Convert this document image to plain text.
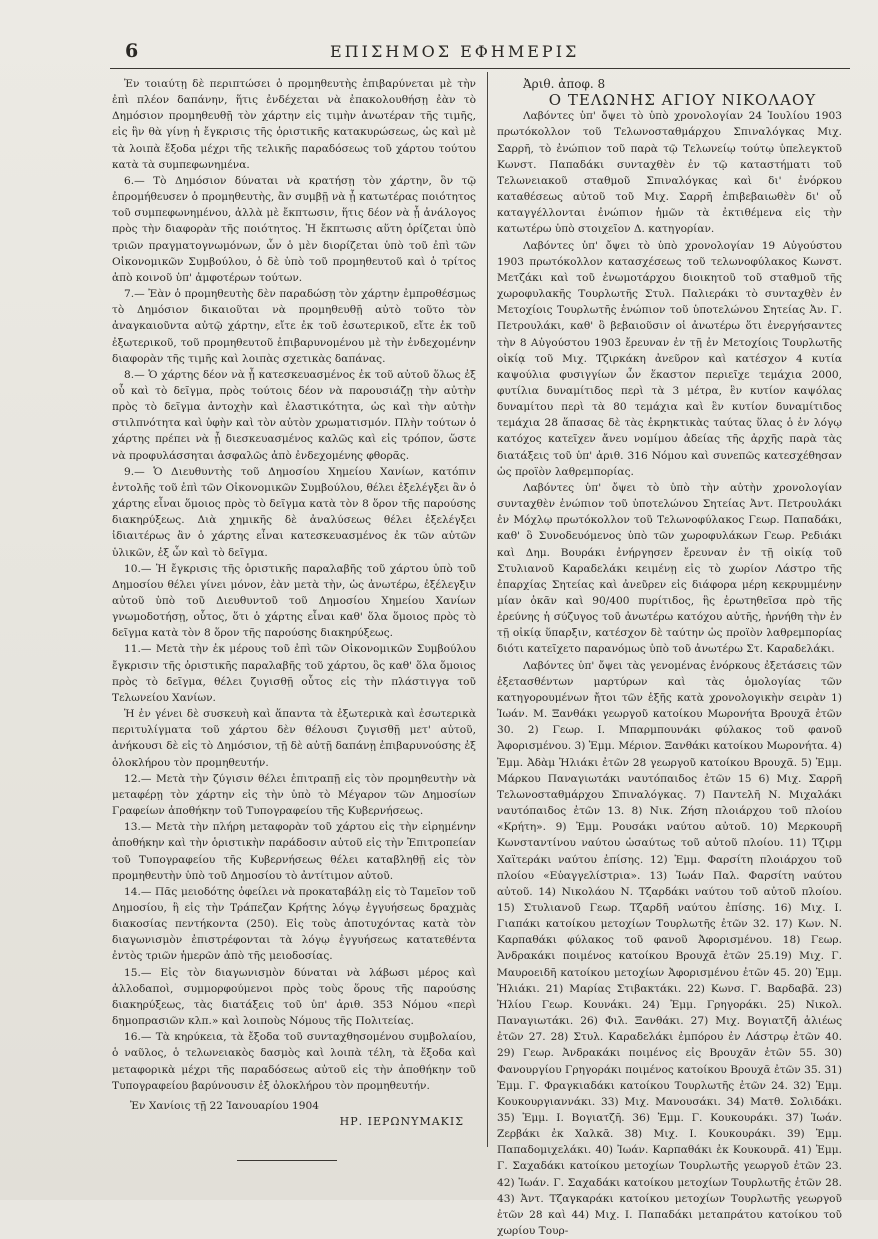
6	ΕΠΙΣΗΜΟΣ ΕΦΗΜΕΡΙΣ

Ἐν τοιαύτῃ δὲ περιπτώσει ὁ προμηθευτὴς ἐπιβαρύνεται μὲ τὴν ἐπὶ πλέον δαπάνην, ἥτις ἐνδέχεται νὰ ἐπακολουθήσῃ ἐὰν τὸ Δημόσιον προμηθευθῇ τὸν χάρτην εἰς τιμὴν ἀνωτέραν τῆς τιμῆς, εἰς ἣν θὰ γίνῃ ἡ ἔγκρισις τῆς ὁριστικῆς κατακυρώσεως, ὡς καὶ μὲ τὰ λοιπὰ ἔξοδα μέχρι τῆς τελικῆς παραδόσεως τοῦ χάρτου τούτου κατὰ τὰ συμπεφωνημένα.

6.— Τὸ Δημόσιον δύναται νὰ κρατήσῃ τὸν χάρτην, ὃν τῷ ἐπρομήθευσεν ὁ προμηθευτὴς, ἂν συμβῇ νὰ ᾖ κατωτέρας ποιότητος τοῦ συμπεφωνημένου, ἀλλὰ μὲ ἔκπτωσιν, ἥτις δέον νὰ ᾖ ἀνάλογος πρὸς τὴν διαφορὰν τῆς ποιότητος. Ἡ ἔκπτωσις αὕτη ὁρίζεται ὑπὸ τριῶν πραγματογνωμόνων, ὧν ὁ μὲν διορίζεται ὑπὸ τοῦ ἐπὶ τῶν Οἰκονομικῶν Συμβούλου, ὁ δὲ ὑπὸ τοῦ προμηθευτοῦ καὶ ὁ τρίτος ἀπὸ κοινοῦ ὑπ' ἀμφοτέρων τούτων.

7.— Ἐὰν ὁ προμηθευτὴς δὲν παραδώσῃ τὸν χάρτην ἐμπροθέσμως τὸ Δημόσιον δικαιοῦται νὰ προμηθευθῇ αὐτὸ τοῦτο τὸν ἀναγκαιοῦντα αὐτῷ χάρτην, εἴτε ἐκ τοῦ ἐσωτερικοῦ, εἴτε ἐκ τοῦ ἐξωτερικοῦ, τοῦ προμηθευτοῦ ἐπιβαρυνομένου μὲ τὴν ἐνδεχομένην διαφορὰν τῆς τιμῆς καὶ λοιπὰς σχετικὰς δαπάνας.

8.— Ὁ χάρτης δέον νὰ ᾖ κατεσκευασμένος ἐκ τοῦ αὐτοῦ ὅλως ἐξ οὗ καὶ τὸ δεῖγμα, πρὸς τούτοις δέον νὰ παρουσιάζῃ τὴν αὐτὴν πρὸς τὸ δεῖγμα ἀντοχὴν καὶ ἐλαστικότητα, ὡς καὶ τὴν αὐτὴν στιλπνότητα καὶ ὑφὴν καὶ τὸν αὐτὸν χρωματισμόν. Πλὴν τούτων ὁ χάρτης πρέπει νὰ ᾖ διεσκευασμένος καλῶς καὶ εἰς τρόπον, ὥστε νὰ προφυλάσσηται ἀσφαλῶς ἀπὸ ἐνδεχομένης φθορᾶς.

9.— Ὁ Διευθυντὴς τοῦ Δημοσίου Χημείου Χανίων, κατόπιν ἐντολῆς τοῦ ἐπὶ τῶν Οἰκονομικῶν Συμβούλου, θέλει ἐξελέγξει ἂν ὁ χάρτης εἶναι ὅμοιος πρὸς τὸ δεῖγμα κατὰ τὸν 8 ὅρον τῆς παρούσης διακηρύξεως. Διὰ χημικῆς δὲ ἀναλύσεως θέλει ἐξελέγξει ἰδιαιτέρως ἂν ὁ χάρτης εἶναι κατεσκευασμένος ἐκ τῶν αὐτῶν ὑλικῶν, ἐξ ὧν καὶ τὸ δεῖγμα.

10.— Ἡ ἔγκρισις τῆς ὁριστικῆς παραλαβῆς τοῦ χάρτου ὑπὸ τοῦ Δημοσίου θέλει γίνει μόνον, ἐὰν μετὰ τὴν, ὡς ἀνωτέρω, ἐξέλεγξιν αὐτοῦ ὑπὸ τοῦ Διευθυντοῦ τοῦ Δημοσίου Χημείου Χανίων γνωμοδοτήσῃ, οὗτος, ὅτι ὁ χάρτης εἶναι καθ' ὅλα ὅμοιος πρὸς τὸ δεῖγμα κατὰ τὸν 8 ὅρον τῆς παρούσης διακηρύξεως.

11.— Μετὰ τὴν ἐκ μέρους τοῦ ἐπὶ τῶν Οἰκονομικῶν Συμβούλου ἔγκρισιν τῆς ὁριστικῆς παραλαβῆς τοῦ χάρτου, ὃς καθ' ὅλα ὅμοιος πρὸς τὸ δεῖγμα, θέλει ζυγισθῇ οὗτος εἰς τὴν πλάστιγγα τοῦ Τελωνείου Χανίων.

Ἡ ἐν γένει δὲ συσκευὴ καὶ ἅπαντα τὰ ἐξωτερικὰ καὶ ἐσωτερικὰ περιτυλίγματα τοῦ χάρτου δὲν θέλουσι ζυγισθῇ μετ' αὐτοῦ, ἀνήκουσι δὲ εἰς τὸ Δημόσιον, τῇ δὲ αὐτῇ δαπάνῃ ἐπιβαρυνούσης ἐξ ὁλοκλήρου τὸν προμηθευτήν.

12.— Μετὰ τὴν ζύγισιν θέλει ἐπιτραπῇ εἰς τὸν προμηθευτὴν νὰ μεταφέρῃ τὸν χάρτην εἰς τὴν ὑπὸ τὸ Μέγαρον τῶν Δημοσίων Γραφείων ἀποθήκην τοῦ Τυπογραφείου τῆς Κυβερνήσεως.

13.— Μετὰ τὴν πλήρη μεταφορὰν τοῦ χάρτου εἰς τὴν εἰρημένην ἀποθήκην καὶ τὴν ὁριστικὴν παράδοσιν αὐτοῦ εἰς τὴν Ἐπιτροπείαν τοῦ Τυπογραφείου τῆς Κυβερνήσεως θέλει καταβληθῇ εἰς τὸν προμηθευτὴν ὑπὸ τοῦ Δημοσίου τὸ ἀντίτιμον αὐτοῦ.

14.— Πᾶς μειοδότης ὀφείλει νὰ προκαταβάλῃ εἰς τὸ Ταμεῖον τοῦ Δημοσίου, ἢ εἰς τὴν Τράπεζαν Κρήτης λόγῳ ἐγγυήσεως δραχμὰς διακοσίας πεντήκοντα (250). Εἰς τοὺς ἀποτυχόντας κατὰ τὸν διαγωνισμὸν ἐπιστρέφονται τὰ λόγῳ ἐγγυήσεως κατατεθέντα ἐντὸς τριῶν ἡμερῶν ἀπὸ τῆς μειοδοσίας.

15.— Εἰς τὸν διαγωνισμὸν δύναται νὰ λάβωσι μέρος καὶ ἀλλοδαποὶ, συμμορφούμενοι πρὸς τοὺς ὅρους τῆς παρούσης διακηρύξεως, τὰς διατάξεις τοῦ ὑπ' ἀριθ. 353 Νόμου «περὶ δημοπρασιῶν κλπ.» καὶ λοιποὺς Νόμους τῆς Πολιτείας.

16.— Τὰ κηρύκεια, τὰ ἔξοδα τοῦ συνταχθησομένου συμβολαίου, ὁ ναῦλος, ὁ τελωνειακὸς δασμὸς καὶ λοιπὰ τέλη, τὰ ἔξοδα καὶ μεταφορικὰ μέχρι τῆς παραδόσεως αὐτοῦ εἰς τὴν ἀποθήκην τοῦ Τυπογραφείου βαρύνουσιν ἐξ ὁλοκλήρου τὸν προμηθευτήν.

Ἐν Χανίοις τῇ 22 Ἰανουαρίου 1904

ΗΡ. ΙΕΡΩΝΥΜΑΚΙΣ

Ἀριθ. ἀποφ. 8

Ο ΤΕΛΩΝΗΣ ΑΓΙΟΥ ΝΙΚΟΛΑΟΥ

Λαβόντες ὑπ' ὄψει τὸ ὑπὸ χρονολογίαν 24 Ἰουλίου 1903 πρωτόκολλον τοῦ Τελωνοσταθμάρχου Σπιναλόγκας Μιχ. Σαρρῆ, τὸ ἐνώπιον τοῦ παρὰ τῷ Τελωνείῳ τούτῳ ὑπελεγκτοῦ Κωνστ. Παπαδάκι συνταχθὲν ἐν τῷ καταστήματι τοῦ Τελωνειακοῦ σταθμοῦ Σπιναλόγκας καὶ δι' ἐνόρκου καταθέσεως αὐτοῦ τοῦ Μιχ. Σαρρῆ ἐπιβεβαιωθὲν δι' οὗ καταγγέλλονται ἐνώπιον ἡμῶν τὰ ἐκτιθέμενα εἰς τὴν κατωτέρω ὑπὸ στοιχεῖον Δ. κατηγορίαν.

Λαβόντες ὑπ' ὄψει τὸ ὑπὸ χρονολογίαν 19 Αὐγούστου 1903 πρωτόκολλον κατασχέσεως τοῦ τελωνοφύλακος Κωνστ. Μετζάκι καὶ τοῦ ἐνωμοτάρχου διοικητοῦ τοῦ σταθμοῦ τῆς χωροφυλακῆς Τουρλωτῆς Στυλ. Παλιεράκι τὸ συνταχθὲν ἐν Μετοχίοις Τουρλωτῆς ἐνώπιον τοῦ ὑποτελώνου Σητείας Ἀν. Γ. Πετρουλάκι, καθ' ὃ βεβαιοῦσιν οἱ ἀνωτέρω ὅτι ἐνεργήσαντες τὴν 8 Αὐγούστου 1903 ἔρευναν ἐν τῇ ἐν Μετοχίοις Τουρλωτῆς οἰκίᾳ τοῦ Μιχ. Τζιρκάκη ἀνεῦρον καὶ κατέσχον 4 κυτία καψούλια φυσιγγίων ὧν ἕκαστον περιεῖχε τεμάχια 2000, φυτίλια δυναμίτιδος περὶ τὰ 3 μέτρα, ἓν κυτίον καψόλας δυναμίτου περὶ τὰ 80 τεμάχια καὶ ἓν κυτίον δυναμίτιδος τεμάχια 28 ἅπασας δὲ τὰς ἐκρηκτικὰς ταύτας ὕλας ὁ ἐν λόγῳ κατόχος κατεῖχεν ἄνευ νομίμου ἀδείας τῆς ἀρχῆς παρὰ τὰς διατάξεις τοῦ ὑπ' ἀριθ. 316 Νόμου καὶ συνεπῶς κατεσχέθησαν ὡς προϊὸν λαθρεμπορίας.

Λαβόντες ὑπ' ὄψει τὸ ὑπὸ τὴν αὐτὴν χρονολογίαν συνταχθὲν ἐνώπιον τοῦ ὑποτελώνου Σητείας Ἀντ. Πετρουλάκι ἐν Μόχλῳ πρωτόκολλον τοῦ Τελωνοφύλακος Γεωρ. Παπαδάκι, καθ' ὃ Συνοδευόμενος ὑπὸ τῶν χωροφυλάκων Γεωρ. Ρεδιάκι καὶ Δημ. Βουράκι ἐνήργησεν ἔρευναν ἐν τῇ οἰκίᾳ τοῦ Στυλιανοῦ Καραδελάκι κειμένῃ εἰς τὸ χωρίον Λάστρο τῆς ἐπαρχίας Σητείας καὶ ἀνεῦρεν εἰς διάφορα μέρη κεκρυμμένην μίαν ὀκᾶν καὶ 90/400 πυρίτιδος, ἣς ἐρωτηθεῖσα πρὸ τῆς ἐρεύνης ἡ σύζυγος τοῦ ἀνωτέρω κατόχου αὐτῆς, ἠρνήθη τὴν ἐν τῇ οἰκίᾳ ὕπαρξιν, κατέσχον δὲ ταύτην ὡς προϊὸν λαθρεμπορίας διότι κατεῖχετο παρανόμως ὑπὸ τοῦ ἀνωτέρω Στ. Καραδελάκι.

Λαβόντες ὑπ' ὄψει τὰς γενομένας ἐνόρκους ἐξετάσεις τῶν ἐξετασθέντων μαρτύρων καὶ τὰς ὁμολογίας τῶν κατηγορουμένων ἤτοι τῶν ἑξῆς κατὰ χρονολογικὴν σειρὰν 1) Ἰωάν. Μ. Ξανθάκι γεωργοῦ κατοίκου Μωρονήτα Βρουχᾶ ἐτῶν 30. 2) Γεωρ. Ι. Μπαρμπουνάκι φύλακος τοῦ φανοῦ Ἀφορισμένου. 3) Ἐμμ. Μέριον. Ξανθάκι κατοίκου Μωρονήτα. 4) Ἐμμ. Ἀδὰμ Ἠλιάκι ἐτῶν 28 γεωργοῦ κατοίκου Βρουχᾶ. 5) Ἐμμ. Μάρκου Παναγιωτάκι ναυτόπαιδος ἐτῶν 15 6) Μιχ. Σαρρῆ Τελωνοσταθμάρχου Σπιναλόγκας. 7) Παντελῆ Ν. Μιχαλάκι ναυτόπαιδος ἐτῶν 13. 8) Νικ. Ζήση πλοιάρχου τοῦ πλοίου «Κρήτη». 9) Ἐμμ. Ρουσάκι ναύτου αὐτοῦ. 10) Μερκουρῆ Κωνσταντίνου ναύτου ὡσαύτως τοῦ αὐτοῦ πλοίου. 11) Τζιρμ Χαϊτεράκι ναύτου ἐπίσης. 12) Ἐμμ. Φαρσίτη πλοιάρχου τοῦ πλοίου «Εὐαγγελίστρια». 13) Ἰωάν Παλ. Φαρσίτη ναύτου αὐτοῦ. 14) Νικολάου Ν. Τζαρδάκι ναύτου τοῦ αὐτοῦ πλοίου. 15) Στυλιανοῦ Γεωρ. Τζαρδῆ ναύτου ἐπίσης. 16) Μιχ. Ι. Γιαπάκι κατοίκου μετοχίων Τουρλωτῆς ἐτῶν 32. 17) Κων. Ν. Καρπαθάκι φύλακος τοῦ φανοῦ Ἀφορισμένου. 18) Γεωρ. Ἀνδρακάκι ποιμένος κατοίκου Βρουχᾶ ἐτῶν 25.19) Μιχ. Γ. Μαυροειδῆ κατοίκου μετοχίων Ἀφορισμένου ἐτῶν 45. 20) Ἐμμ. Ἠλιάκι. 21) Μαρίας Στιβακτάκι. 22) Κωνσ. Γ. Βαρδαβᾶ. 23) Ἠλίου Γεωρ. Κουνάκι. 24) Ἐμμ. Γρηγοράκι. 25) Νικολ. Παναγιωτάκι. 26) Φιλ. Ξανθάκι. 27) Μιχ. Βογιατζῆ ἁλιέως ἐτῶν 27. 28) Στυλ. Καραδελάκι ἐμπόρου ἐν Λάστρῳ ἐτῶν 40. 29) Γεωρ. Ἀνδρακάκι ποιμένος εἰς Βρουχᾶν ἐτῶν 55. 30) Φανουργίου Γρηγοράκι ποιμένος κατοίκου Βρουχᾶ ἐτῶν 35. 31) Ἐμμ. Γ. Φραγκιαδάκι κατοίκου Τουρλωτῆς ἐτῶν 24. 32) Ἐμμ. Κουκουργιαννάκι. 33) Μιχ. Μανουσάκι. 34) Ματθ. Σολιδάκι. 35) Ἐμμ. Ι. Βογιατζῆ. 36) Ἐμμ. Γ. Κουκουράκι. 37) Ἰωάν. Ζερβάκι ἐκ Χαλκᾶ. 38) Μιχ. Ι. Κουκουράκι. 39) Ἐμμ. Παπαδομιχελάκι. 40) Ἰωάν. Καρπαθάκι ἐκ Κουκουρᾶ. 41) Ἐμμ. Γ. Σαχαδάκι κατοίκου μετοχίων Τουρλωτῆς γεωργοῦ ἐτῶν 23. 42) Ἰωάν. Γ. Σαχαδάκι κατοίκου μετοχίων Τουρλωτῆς ἐτῶν 28. 43) Ἀντ. Τζαγκαράκι κατοίκου μετοχίων Τουρλωτῆς γεωργοῦ ἐτῶν 28 καὶ 44) Μιχ. Ι. Παπαδάκι μεταπράτου κατοίκου τοῦ χωρίου Τουρ-
